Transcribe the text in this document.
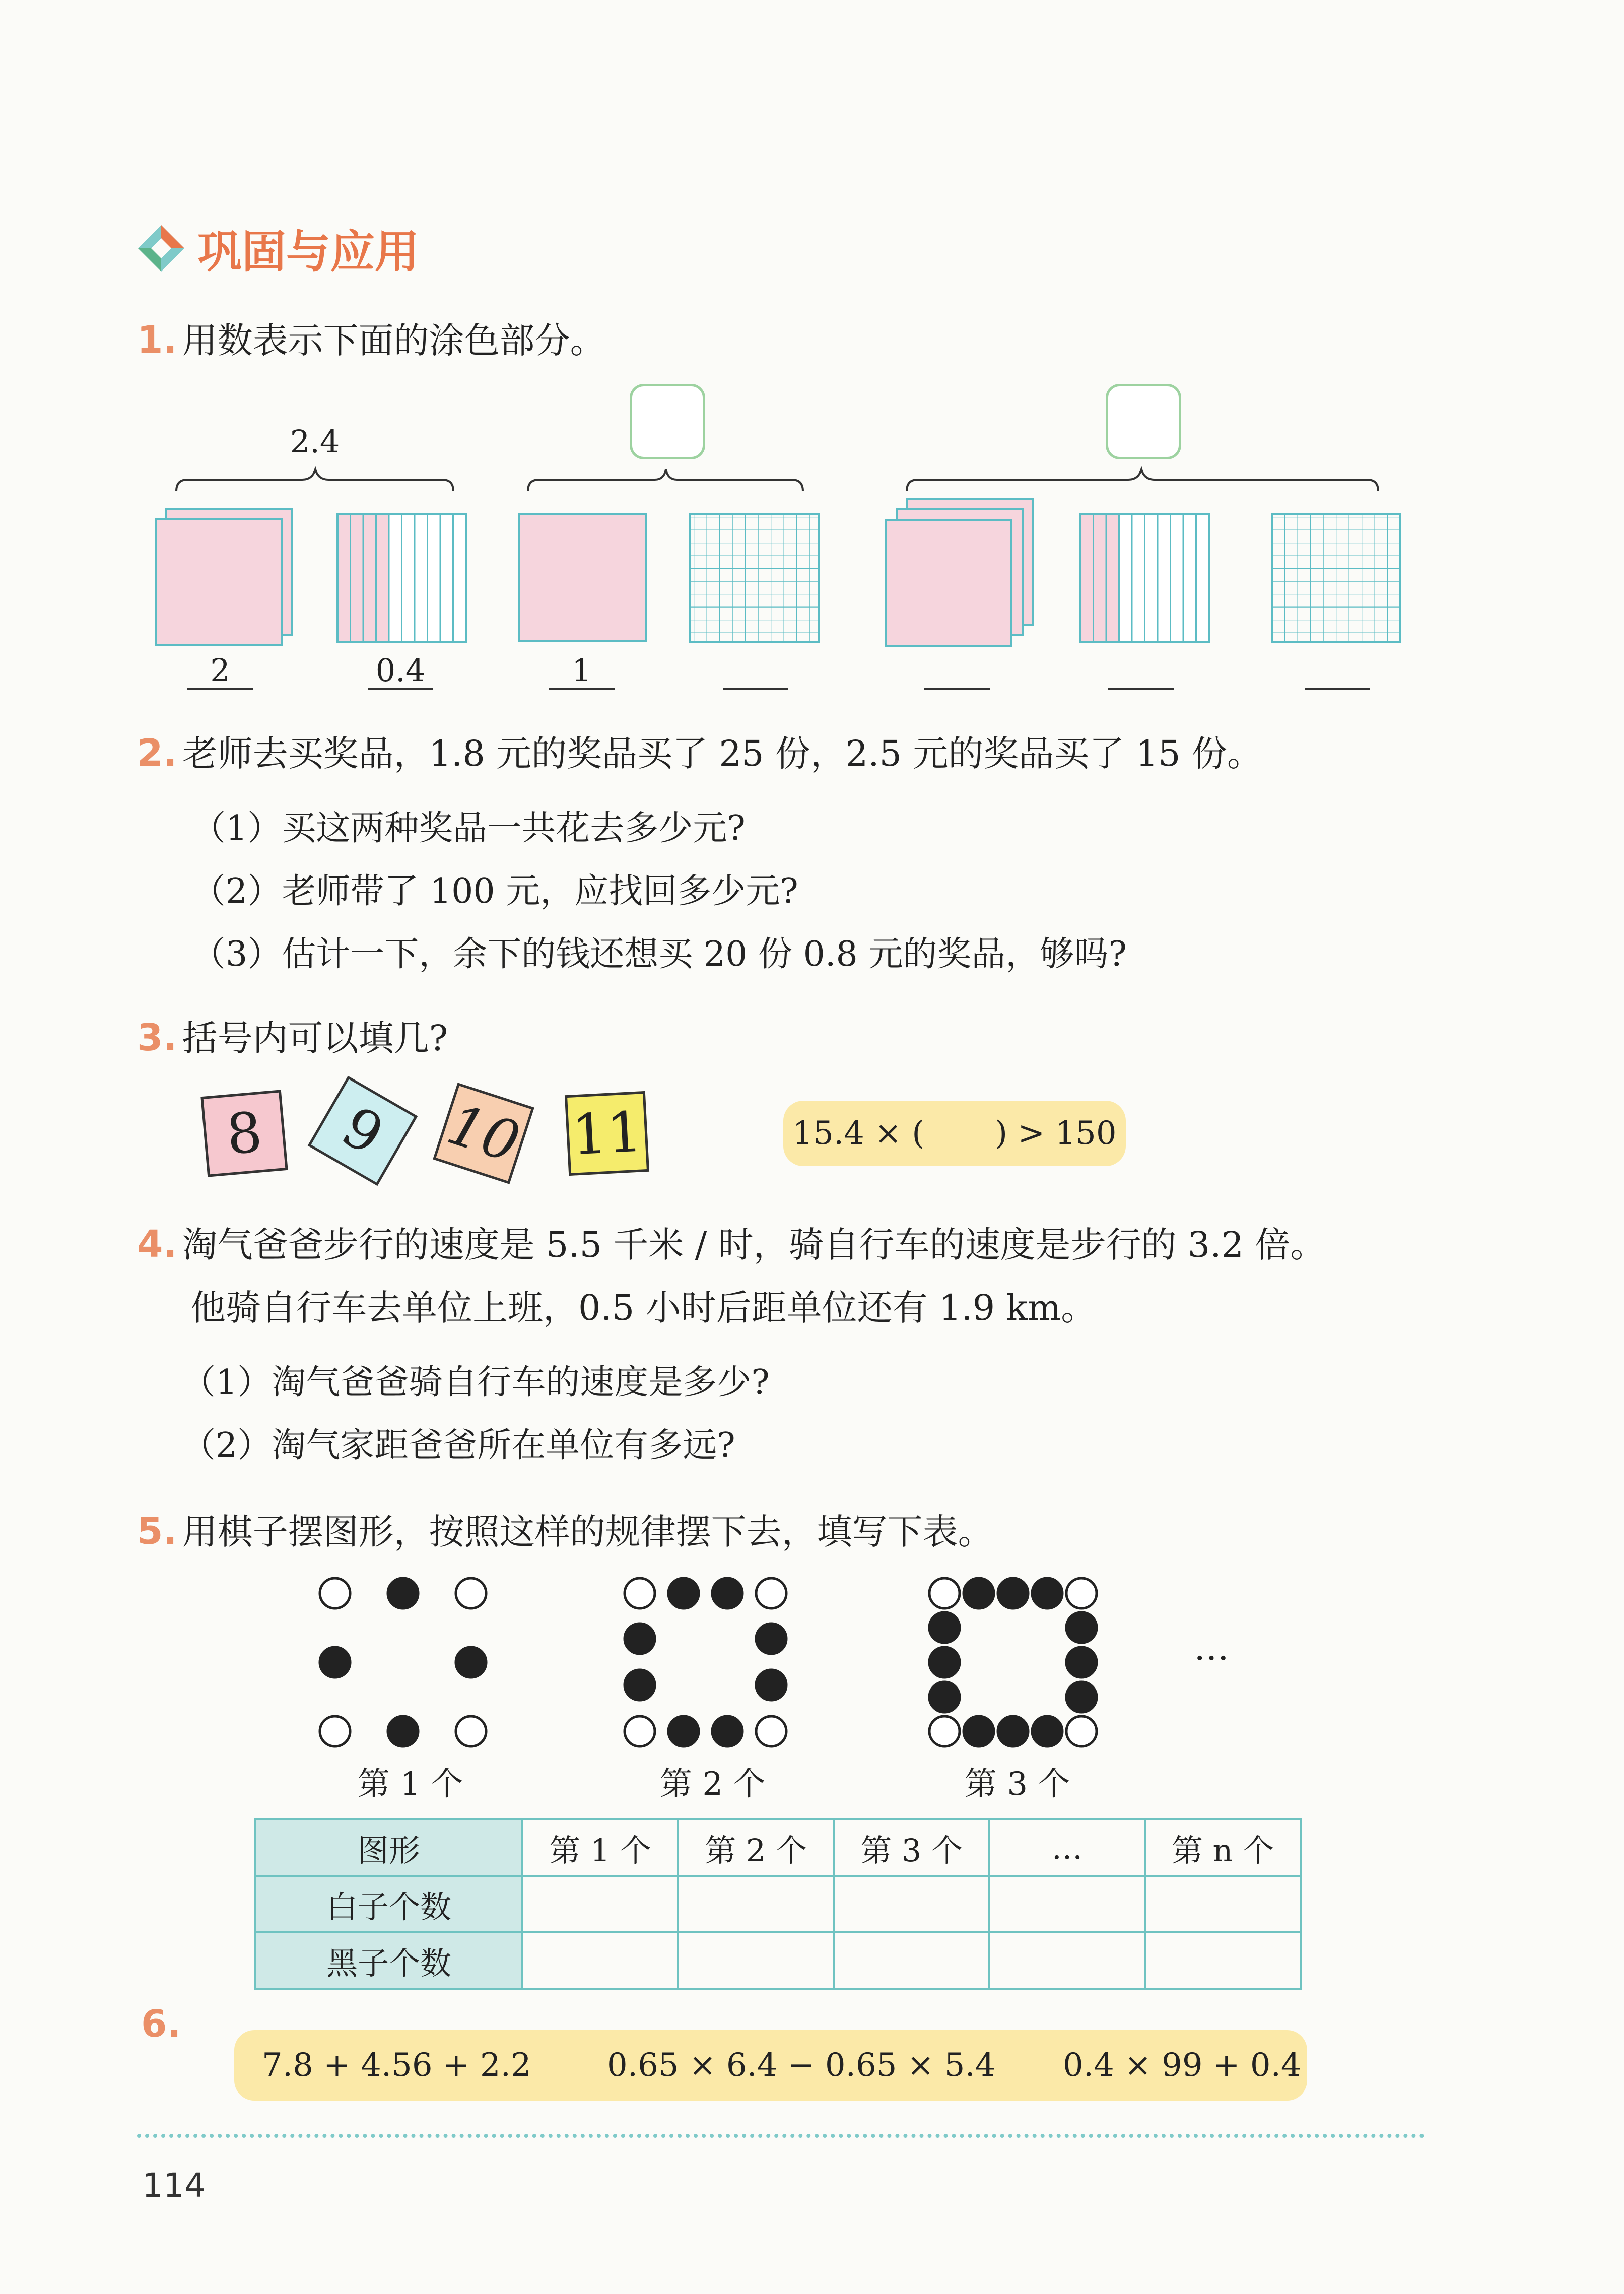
巩固与应用
1. 用数表示下面的涂色部分。
2.4
2	0.4	1
2. 老师去买奖品，1.8 元的奖品买了 25 份，2.5 元的奖品买了 15 份。
（1）买这两种奖品一共花去多少元?
（2）老师带了 100 元，应找回多少元?
（3）估计一下，余下的钱还想买 20 份 0.8 元的奖品，够吗?
3. 括号内可以填几?
8	9 10 11	15.4 × ( ) > 150
4. 淘气爸爸步行的速度是 5.5 千米 / 时，骑自行车的速度是步行的 3.2 倍。
他骑自行车去单位上班，0.5 小时后距单位还有 1.9 km。
（1）淘气爸爸骑自行车的速度是多少?
（2）淘气家距爸爸所在单位有多远?
5. 用棋子摆图形，按照这样的规律摆下去，填写下表。
…
第 1 个	第 2 个	第 3 个
图形	第 1 个	第 2 个	第 3 个	…	第 n 个
白子个数					
黑子个数					
6.
7.8 + 4.56 + 2.2 0.65 × 6.4 − 0.65 × 5.4 0.4 × 99 + 0.4
114
